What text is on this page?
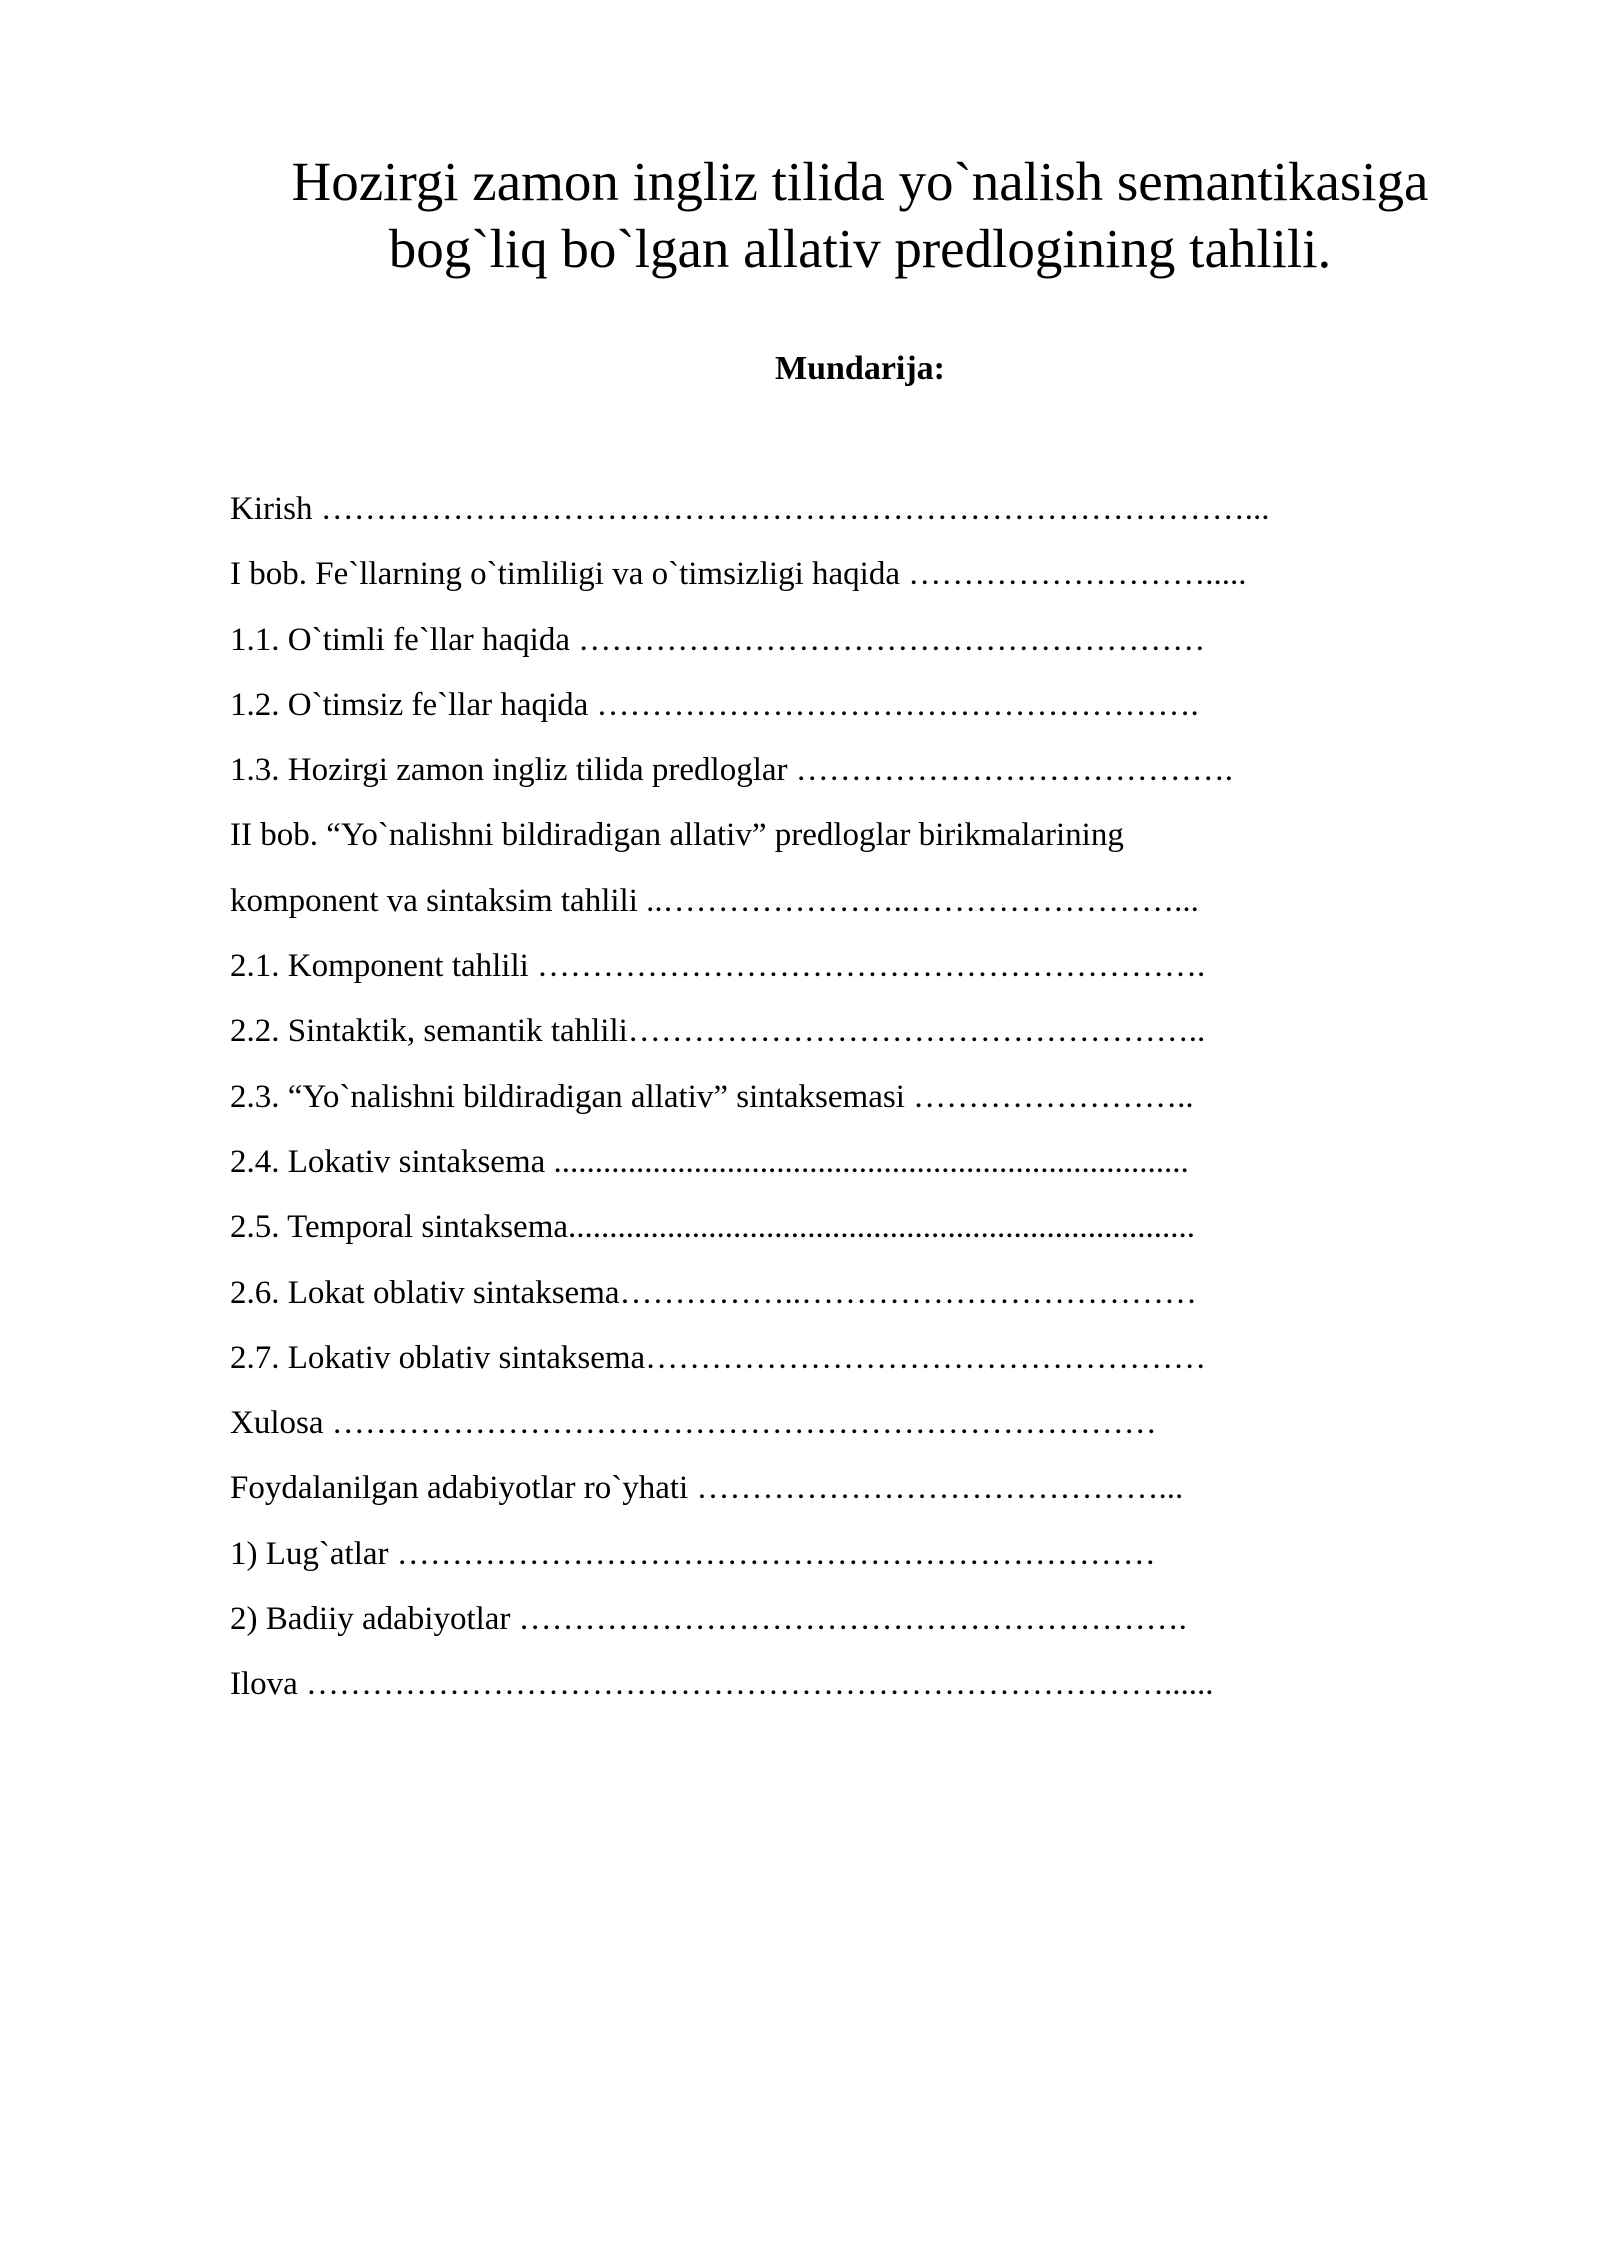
Hozirgi zamon ingliz tilida yo`nalish semantikasiga
bog`liq bo`lgan allativ predlogining tahlili.
Mundarija:
Kirish …………………………………………………………………………...
I bob. Fe`llarning o`timliligi va o`timsizligi haqida ……………………….....
1.1. O`timli fe`llar haqida …………………………………………………
1.2. O`timsiz fe`llar haqida ……………………………………………….
1.3. Hozirgi zamon ingliz tilida predloglar ………………………………….
II bob. “Yo`nalishni bildiradigan allativ” predloglar birikmalarining
komponent va sintaksim tahlili ..…………………..……………………...
2.1. Komponent tahlili …………………………………………………….
2.2. Sintaktik, semantik tahlili……………………………………………..
2.3. “Yo`nalishni bildiradigan allativ” sintaksemasi ……………………..
2.4. Lokativ sintaksema .............................................................................
2.5. Temporal sintaksema............................................................................
2.6. Lokat oblativ sintaksema……………..………………………………
2.7. Lokativ oblativ sintaksema……………………………………………
Xulosa …………………………………………………………………
Foydalanilgan adabiyotlar ro`yhati ……………………………………...
1) Lug`atlar ……………………………………………………………
2) Badiiy adabiyotlar …………………………………………………….
Ilova ……………………………………………………………………......
